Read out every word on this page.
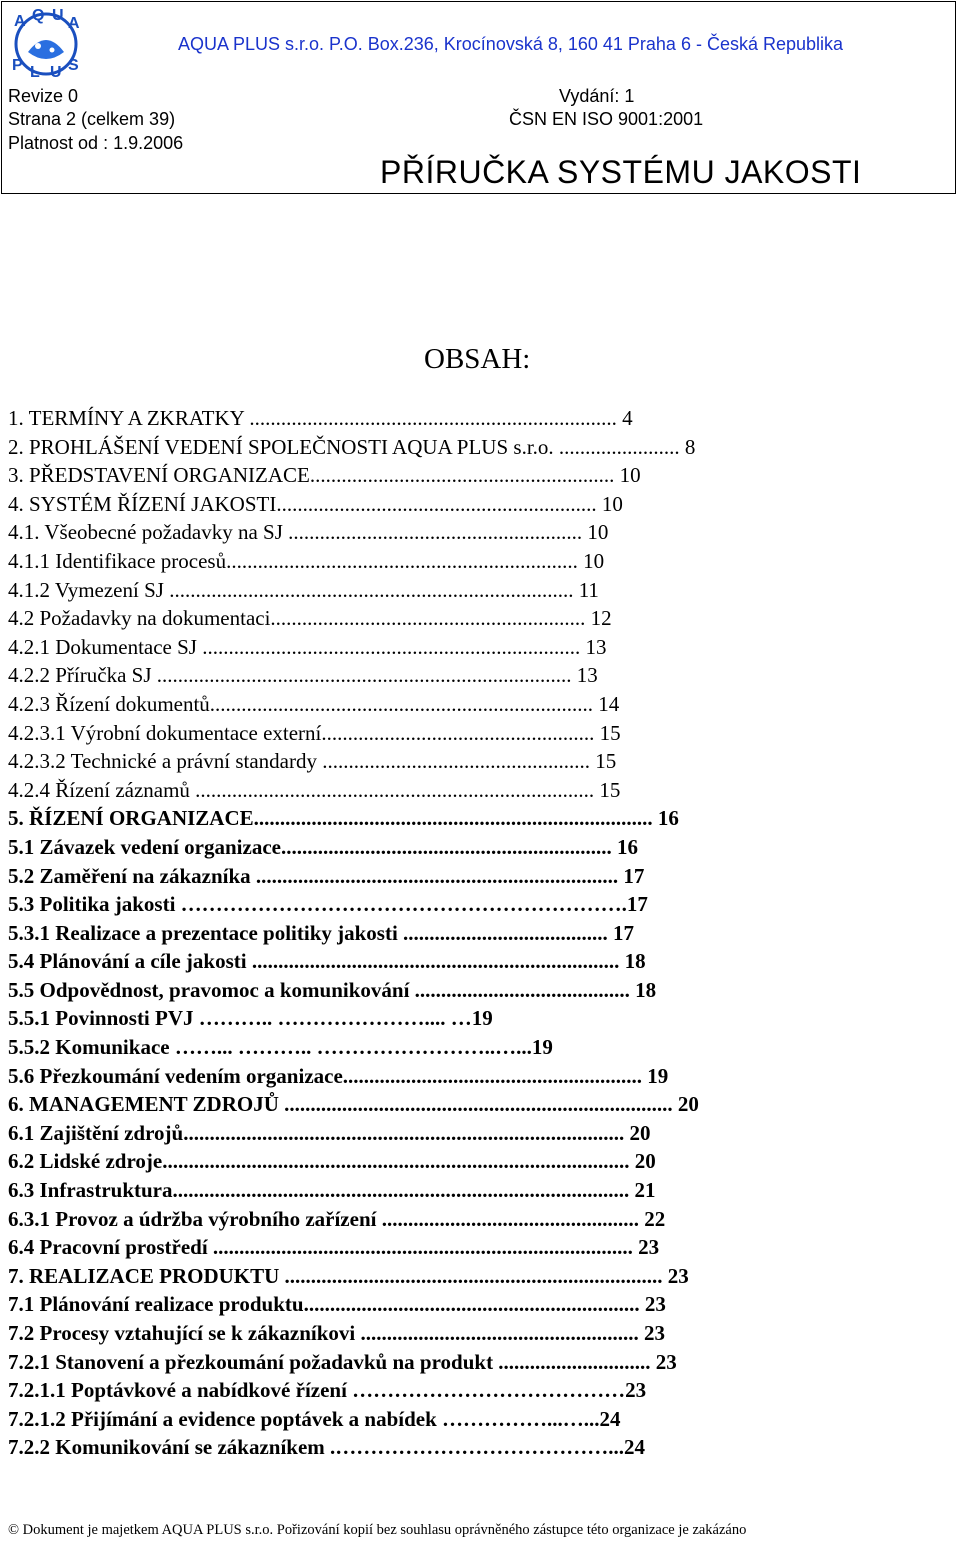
A Q U A
P L U S
AQUA PLUS s.r.o. P.O. Box.236, Krocínovská 8, 160 41 Praha 6 - Česká Republika
Revize 0	Vydání: 1
Strana 2 (celkem 39)	ČSN EN ISO 9001:2001
Platnost od : 1.9.2006
PŘÍRUČKA SYSTÉMU JAKOSTI
OBSAH:
1. TERMÍNY A ZKRATKY ...................................................................... 4
2. PROHLÁŠENÍ VEDENÍ SPOLEČNOSTI AQUA PLUS s.r.o. ....................... 8
3. PŘEDSTAVENÍ ORGANIZACE.......................................................... 10
4. SYSTÉM ŘÍZENÍ JAKOSTI............................................................. 10
4.1. Všeobecné požadavky na SJ ........................................................ 10
4.1.1 Identifikace procesů................................................................... 10
4.1.2 Vymezení SJ ............................................................................. 11
4.2 Požadavky na dokumentaci............................................................ 12
4.2.1 Dokumentace SJ ........................................................................ 13
4.2.2 Příručka SJ ............................................................................... 13
4.2.3 Řízení dokumentů......................................................................... 14
4.2.3.1 Výrobní dokumentace externí.................................................... 15
4.2.3.2 Technické a právní standardy ................................................... 15
4.2.4 Řízení záznamů ............................................................................ 15
5. ŘÍZENÍ ORGANIZACE............................................................................ 16
5.1 Závazek vedení organizace............................................................... 16
5.2 Zaměření na zákazníka ..................................................................... 17
5.3 Politika jakosti ……………………………………………………….17
5.3.1 Realizace a prezentace politiky jakosti ....................................... 17
5.4 Plánování a cíle jakosti ...................................................................... 18
5.5 Odpovědnost, pravomoc a komunikování ......................................... 18
5.5.1 Povinnosti PVJ ……….. ………………….... …19
5.5.2 Komunikace ……... ……….. ……………………..…...19
5.6 Přezkoumání vedením organizace......................................................... 19
6. MANAGEMENT ZDROJŮ .......................................................................... 20
6.1 Zajištění zdrojů.................................................................................... 20
6.2 Lidské zdroje......................................................................................... 20
6.3 Infrastruktura....................................................................................... 21
6.3.1 Provoz a údržba výrobního zařízení ................................................. 22
6.4 Pracovní prostředí ................................................................................ 23
7. REALIZACE PRODUKTU ........................................................................ 23
7.1 Plánování realizace produktu................................................................ 23
7.2 Procesy vztahující se k zákazníkovi ..................................................... 23
7.2.1 Stanovení a přezkoumání požadavků na produkt ............................. 23
7.2.1.1 Poptávkové a nabídkové řízení …………………………………23
7.2.1.2 Přijímání a evidence poptávek a nabídek ……………...…...24
7.2.2 Komunikování se zákazníkem .…………………………………...24
© Dokument je majetkem AQUA PLUS s.r.o. Pořizování kopií bez souhlasu oprávněného zástupce této organizace je zakázáno
